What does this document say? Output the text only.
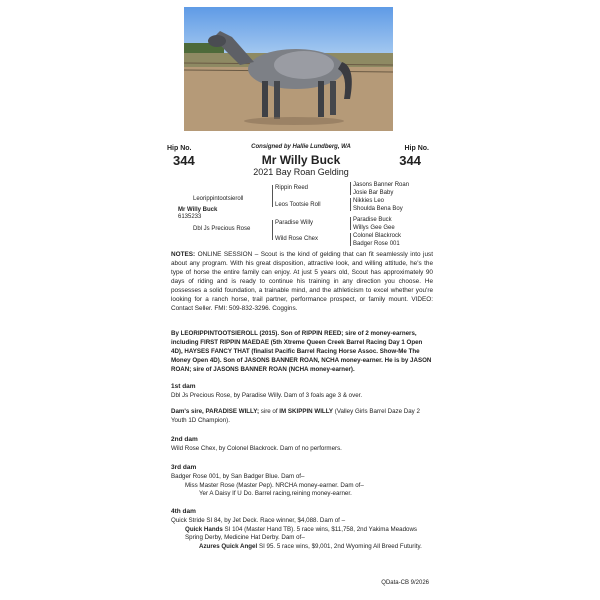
Hip No.
344
Hip No.
344
Consigned by Hallie Lundberg, WA
Mr Willy Buck
2021 Bay Roan Gelding
Leorippintootsieroll
Mr Willy Buck
6135233
Dbl Js Precious Rose
Rippin Reed
Leos Tootsie Roll
Paradise Willy
Wild Rose Chex
Jasons Banner Roan
Josie Bar Baby
Nikkies Leo
Shoulda Bena Boy
Paradise Buck
Willys Gee Gee
Colonel Blackrock
Badger Rose 001
NOTES: ONLINE SESSION – Scout is the kind of gelding that can fit seamlessly into just about any program. With his great disposition, attractive look, and willing attitude, he's the type of horse the entire family can enjoy. At just 5 years old, Scout has approximately 90 days of riding and is ready to continue his training in any direction you choose. He possesses a solid foundation, a trainable mind, and the athleticism to excel whether you're looking for a ranch horse, trail partner, performance prospect, or family mount. VIDEO: Contact Seller. FMI: 509-832-3296. Coggins.
By LEORIPPINTOOTSIEROLL (2015). Son of RIPPIN REED; sire of 2 money-earners, including FIRST RIPPIN MAEDAE (5th Xtreme Queen Creek Barrel Racing Day 1 Open 4D), HAYSES FANCY THAT (finalist Pacific Barrel Racing Horse Assoc. Show-Me The Money Open 4D). Son of JASONS BANNER ROAN, NCHA money-earner. He is by JASON ROAN; sire of JASONS BANNER ROAN (NCHA money-earner).
1st dam
Dbl Js Precious Rose, by Paradise Willy. Dam of 3 foals age 3 & over.
Dam's sire, PARADISE WILLY; sire of IM SKIPPIN WILLY (Valley Girls Barrel Daze Day 2 Youth 1D Champion).
2nd dam
Wild Rose Chex, by Colonel Blackrock. Dam of no performers.
3rd dam
Badger Rose 001, by San Badger Blue. Dam of–
Miss Master Rose (Master Pep). NRCHA money-earner. Dam of–
Yer A Daisy If U Do. Barrel racing,reining money-earner.
4th dam
Quick Stride SI 84, by Jet Deck. Race winner, $4,088. Dam of –
Quick Hands SI 104 (Master Hand TB). 5 race wins, $11,758, 2nd Yakima Meadows Spring Derby, Medicine Hat Derby. Dam of–
Azures Quick Angel SI 95. 5 race wins, $9,001, 2nd Wyoming All Breed Futurity.
QData-CB 9/2026
